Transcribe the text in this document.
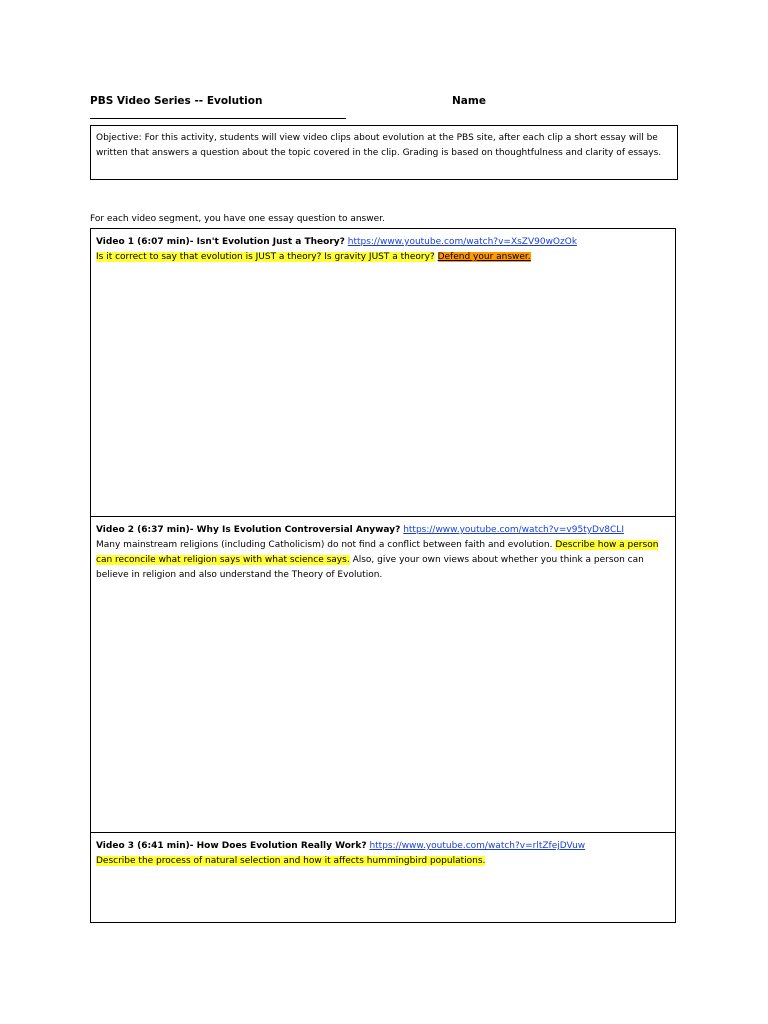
PBS Video Series -- Evolution	Name
Objective: For this activity, students will view video clips about evolution at the PBS site, after each clip a short essay will be written that answers a question about the topic covered in the clip. Grading is based on thoughtfulness and clarity of essays.
For each video segment, you have one essay question to answer.
Video 1 (6:07 min)- Isn't Evolution Just a Theory? https://www.youtube.com/watch?v=XsZV90wOzOk
Is it correct to say that evolution is JUST a theory? Is gravity JUST a theory? Defend your answer.
Video 2 (6:37 min)- Why Is Evolution Controversial Anyway? https://www.youtube.com/watch?v=v95tyDv8CLI
Many mainstream religions (including Catholicism) do not find a conflict between faith and evolution. Describe how a person can reconcile what religion says with what science says. Also, give your own views about whether you think a person can believe in religion and also understand the Theory of Evolution.
Video 3 (6:41 min)- How Does Evolution Really Work? https://www.youtube.com/watch?v=rltZfejDVuw
Describe the process of natural selection and how it affects hummingbird populations.
